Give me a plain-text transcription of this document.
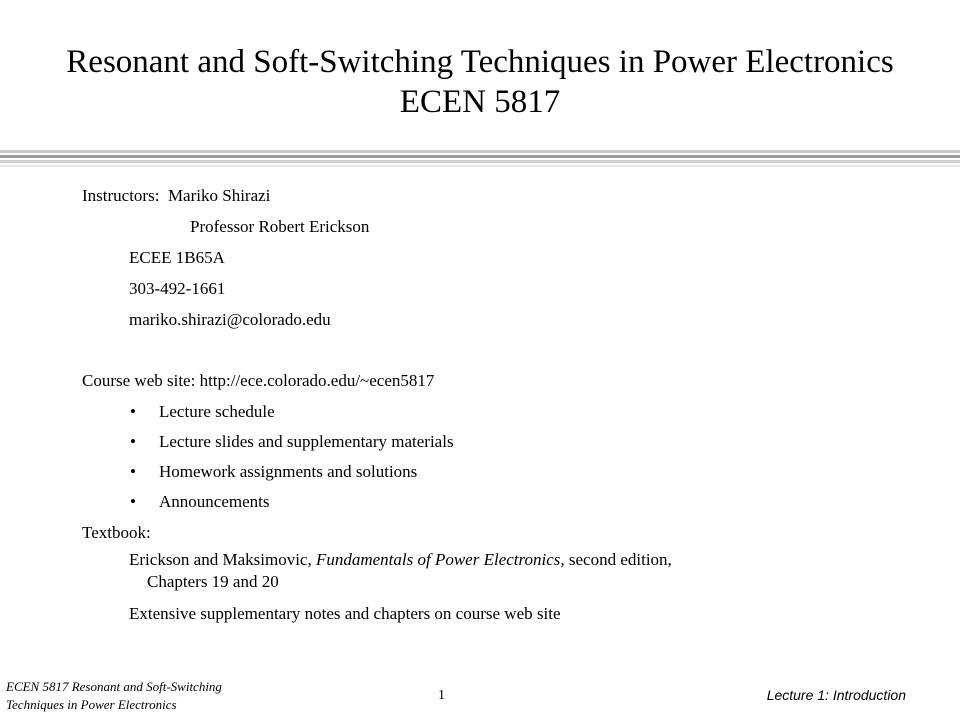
Resonant and Soft-Switching Techniques in Power Electronics ECEN 5817
Instructors: Mariko Shirazi
Professor Robert Erickson
ECEE 1B65A
303-492-1661
mariko.shirazi@colorado.edu
Course web site: http://ece.colorado.edu/~ecen5817
• Lecture schedule
• Lecture slides and supplementary materials
• Homework assignments and solutions
• Announcements
Textbook:
Erickson and Maksimovic, Fundamentals of Power Electronics, second edition,
Chapters 19 and 20
Extensive supplementary notes and chapters on course web site
ECEN 5817 Resonant and Soft-Switching
Techniques in Power Electronics
1	Lecture 1: Introduction
